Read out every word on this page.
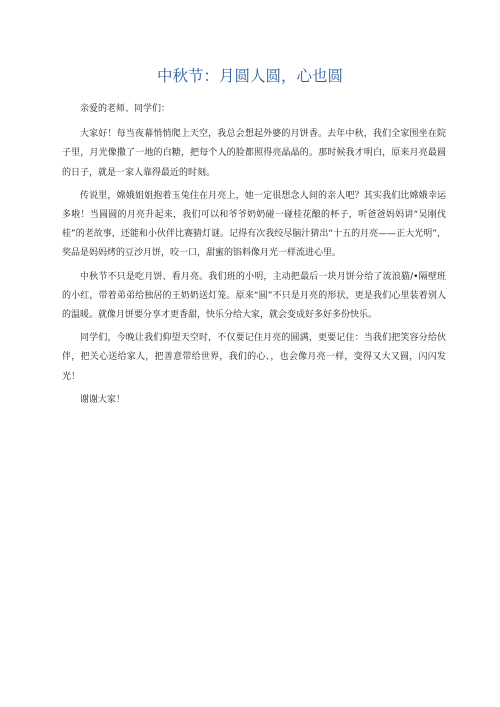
中秋节：月圆人圆，心也圆

亲爱的老师、同学们：

大家好！每当夜幕悄悄爬上天空，我总会想起外婆的月饼香。去年中秋，我们全家围坐在院子里，月光像撒了一地的白糖，把每个人的脸都照得亮晶晶的。那时候我才明白，原来月亮最圆的日子，就是一家人靠得最近的时刻。

传说里，嫦娥姐姐抱着玉兔住在月亮上，她一定很想念人间的亲人吧？其实我们比嫦娥幸运多啦！当圆圆的月亮升起来，我们可以和爷爷奶奶碰一碰桂花酿的杯子，听爸爸妈妈讲“吴刚伐桂”的老故事，还能和小伙伴比赛猜灯谜。记得有次我绞尽脑汁猜出“十五的月亮——正大光明”，奖品是妈妈烤的豆沙月饼，咬一口，甜蜜的馅料像月光一样流进心里。

中秋节不只是吃月饼、看月亮。我们班的小明，主动把最后一块月饼分给了流浪猫/•隔壁班的小红，带着弟弟给独居的王奶奶送灯笼。原来“圆”不只是月亮的形状，更是我们心里装着别人的温暖。就像月饼要分享才更香甜，快乐分给大家，就会变成好多好多份快乐。

同学们，今晚让我们仰望天空时，不仅要记住月亮的圆满，更要记住：当我们把笑容分给伙伴，把关心送给家人，把善意带给世界，我们的心、，也会像月亮一样，变得又大又圆，闪闪发光！

谢谢大家！
